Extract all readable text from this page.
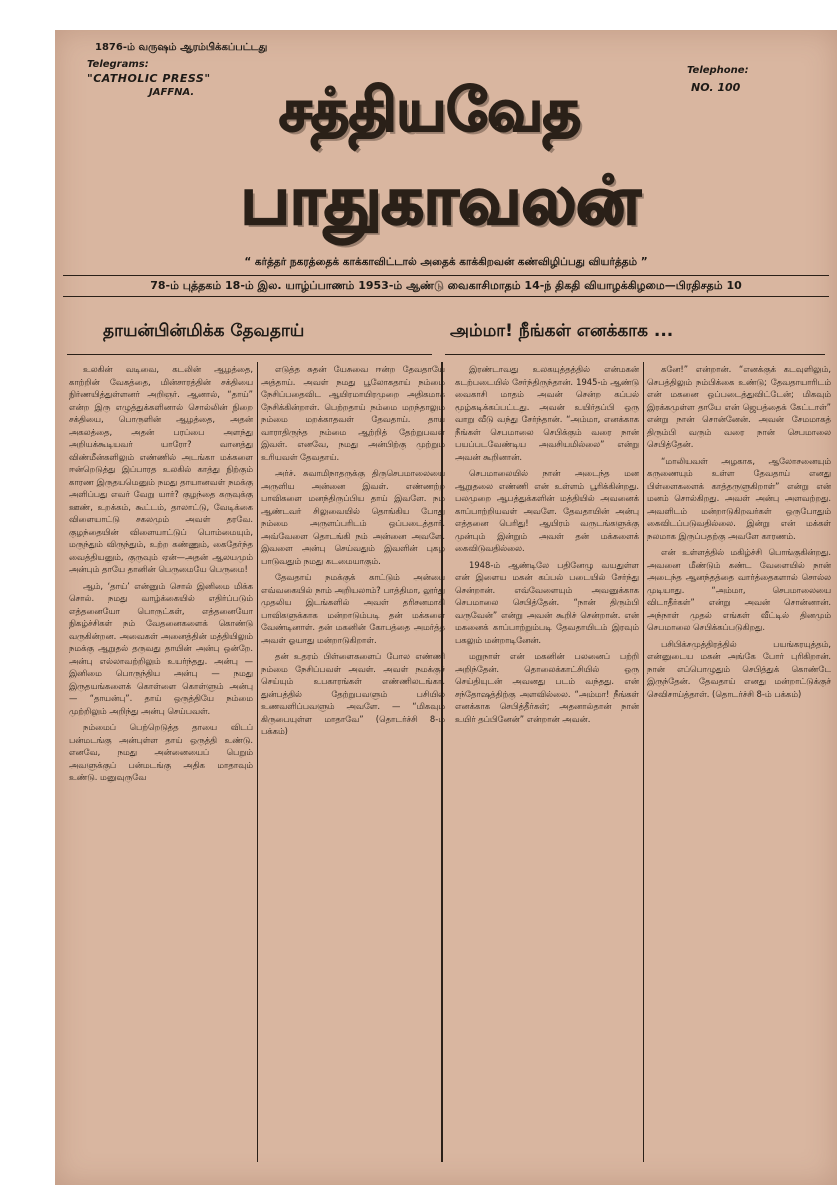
1876-ம் வருஷம் ஆரம்பிக்கப்பட்டது
Telegrams:
"CATHOLIC PRESS"
JAFFNA.
Telephone:
NO. 100
சத்தியவேத
பாதுகாவலன்
“ கர்த்தர் நகரத்தைக் காக்காவிட்டால் அதைக் காக்கிறவன் கண்விழிப்பது வியர்த்தம் ”
78-ம் புத்தகம் 18-ம் இல. யாழ்ப்பாணம் 1953-ம் ஆண்டு வைகாசிமாதம் 14-ந் திகதி வியாழக்கிழமை—பிரதிசதம் 10
தாயன்பின்மிக்க தேவதாய்	அம்மா! நீங்கள் எனக்காக ...

உலகின் வடிவை, கடலின் ஆழத்தை, காற்றின் வேகத்தை, மின்சாரத்தின் சக்தியை நிர்ணயித்துள்ளனர் அறிஞர். ஆனால், “தாய்” என்ற இரு எழுத்துக்களினால் சொல்லின் நிறை சக்தியை, பொருளின் ஆழத்தை, அதன் அகலத்தை, அதன் பரப்பை அளந்து அறியக்கூடியவர் யாரோ? வானத்து விண்மீன்களிலும் எண்ணில் அடங்கா மக்களை ஈன்றெடுத்து இப்பாரத உலகில் காத்து நிற்கும் காரண இருதயமெனும் நமது தாயானவள் நமக்கு அளிப்பது எவர் வேறு யார்? குழந்தை கருவுக்கு ஊண், உறக்கம், கூட்டம், தாலாட்டு, வேடிக்கை விளையாட்டு சகலமும் அவள் தரவே. குழந்தையின் விளையாட்டுப் பொம்மையும், மருந்தும் விருந்தும், உற்ற கண்ணும், கைதேர்ந்த வைத்தியனும், குருவும் ஏன்—அதன் ஆலயமும் அன்பும் தாயே தானின் பெருமையே பெருமை!

ஆம், ‘தாய்’ என்னும் சொல் இனிமை மிக்க சொல். நமது வாழ்க்கையில் எதிர்ப்படும் எத்தனையோ பொருட்கள், எத்தனையோ நிகழ்ச்சிகள் நம் வேதனைகளைக் கொண்டு வருகின்றன. அவைகள் அனைத்தின் மத்தியிலும் நமக்கு ஆறுதல் தருவது தாயின் அன்பு ஒன்றே. அன்பு எல்லாவற்றிலும் உயர்ந்தது. அன்பு — இனிமை பொருந்திய அன்பு — நமது இருதயங்களைக் கொள்ளை கொள்ளும் அன்பு — “தாயன்பு”. தாய் ஒருத்தியே நம்மை முற்றிலும் அறிந்து அன்பு செய்பவள்.

நம்மைப் பெற்றெடுத்த தாயை விடப் பன்மடங்கு அன்புள்ள தாய் ஒருத்தி உண்டு. எனவே, நமது அன்னையைப் பெறும் அவளுக்குப் பன்மடங்கு அதிக மாதாவும் உண்டு. மனுவுருவே

எடுத்த சுதன் யேசுவை ஈன்ற தேவதாயே அத்தாய். அவள் நமது பூலோகதாய் நம்மை நேசிப்பதைவிட ஆயிரமாயிரமுறை அதிகமாக நேசிக்கின்றாள். பெற்றதாய் நம்மை மறந்தாலும் நம்மை மறக்காதவள் தேவதாய். தாய் வாராதிருந்த நம்மை ஆற்றித் தேற்றுபவள் இவள். எனவே, நமது அன்பிற்கு முற்றும் உரியவள் தேவதாய்.

அர்ச். சுவாமிநாதருக்கு திருசெபமாலையை அருளிய அன்னை இவள். எண்ணற்ற பாவிகளை மனந்திருப்பிய தாய் இவளே. நம் ஆண்டவர் சிலுவையில் தொங்கிய போது நம்மை அருளப்பரிடம் ஒப்படைத்தார். அவ்வேளை தொடங்கி நம் அன்னை அவளே. இவளை அன்பு செய்வதும் இவளின் புகழ் பாடுவதும் நமது கடமையாகும்.

தேவதாய் நமக்குக் காட்டும் அன்பை எவ்வகையில் நாம் அறியலாம்? பாத்திமா, லூர்து முதலிய இடங்களில் அவள் தரிசனமாகி பாவிகளுக்காக மன்றாடும்படி தன் மக்களை வேண்டினாள். தன் மகனின் கோபத்தை அமர்த்த அவள் ஓயாது மன்றாடுகிறாள்.

தன் உதரம் பிள்ளைகளைப் போல எண்ணி நம்மை நேசிப்பவள் அவள். அவள் நமக்குச் செய்யும் உபகாரங்கள் எண்ணிலடங்கா. துன்பத்தில் தேற்றுபவளும் பசியில் உணவளிப்பவளும் அவளே. — “மிகவும் கிருபையுள்ள மாதாவே” (தொடர்ச்சி 8-ம் பக்கம்)

இரண்டாவது உலகயுத்தத்தில் என்மகன் கடற்படையில் சேர்ந்திருந்தான். 1945-ம் ஆண்டு வைகாசி மாதம் அவன் சென்ற கப்பல் மூழ்கடிக்கப்பட்டது. அவன் உயிர்தப்பி ஒரு வாறு வீடு வந்து சேர்ந்தான். “அம்மா, எனக்காக நீங்கள் செபமாலை செபிக்கும் வரை நான் பயப்படவேண்டிய அவசியமில்லை” என்று அவன் கூறினான்.

செபமாலையில் நான் அடைந்த மன ஆறுதலை எண்ணி என் உள்ளம் பூரிக்கின்றது. பலமுறை ஆபத்துக்களின் மத்தியில் அவனைக் காப்பாற்றியவள் அவளே. தேவதாயின் அன்பு எத்தனை பெரிது! ஆயிரம் வருடங்களுக்கு முன்பும் இன்றும் அவள் தன் மக்களைக் கைவிடுவதில்லை.

1948-ம் ஆண்டிலே பதினேழு வயதுள்ள என் இளைய மகன் கப்பல் படையில் சேர்ந்து சென்றான். எவ்வேளையும் அவனுக்காக செபமாலை செபித்தேன். “நான் திரும்பி வருவேன்” என்று அவன் கூறிச் சென்றான். என் மகனைக் காப்பாற்றும்படி தேவதாயிடம் இரவும் பகலும் மன்றாடினேன்.

மறுநாள் என் மகனின் பலனைப் பற்றி அறிந்தேன். தொலைக்காட்சியில் ஒரு செய்தியுடன் அவனது படம் வந்தது. என் சந்தோஷத்திற்கு அளவில்லை. “அம்மா! நீங்கள் எனக்காக செபித்தீர்கள்; அதனால்தான் நான் உயிர் தப்பினேன்” என்றான் அவன்.

கனே!” என்றான். “எனக்குக் கடவுளிலும், செபத்திலும் நம்பிக்கை உண்டு; தேவதாயாரிடம் என் மகனை ஒப்படைத்துவிட்டேன்; மிகவும் இரக்கமுள்ள தாயே என் ஜெபத்தைக் கேட்டாள்” என்று நான் சொன்னேன். அவன் சேமமாகத் திரும்பி வரும் வரை நான் செபமாலை செபித்தேன்.

“மாலியவள் அழகாக, ஆலோசனையும் கருணையும் உள்ள தேவதாய் எனது பிள்ளைகளைக் காத்தருளுகிறாள்” என்று என் மனம் சொல்கிறது. அவள் அன்பு அளவற்றது. அவளிடம் மன்றாடுகிறவர்கள் ஒருபோதும் கைவிடப்படுவதில்லை. இன்று என் மக்கள் நலமாக இருப்பதற்கு அவளே காரணம்.

என் உள்ளத்தில் மகிழ்ச்சி பொங்குகின்றது. அவனை மீண்டும் கண்ட வேளையில் நான் அடைந்த ஆனந்தத்தை வார்த்தைகளால் சொல்ல முடியாது. “அம்மா, செபமாலையை விடாதீர்கள்” என்று அவன் சொன்னான். அந்நாள் முதல் எங்கள் வீட்டில் தினமும் செபமாலை செபிக்கப்படுகிறது.

பசிபிக்சமுத்திரத்தில் பயங்கரயுத்தம், என்னுடைய மகன் அங்கே போர் புரிகிறான். நான் எப்பொழுதும் செபித்துக் கொண்டே இருந்தேன். தேவதாய் எனது மன்றாட்டுக்குச் செவிசாய்த்தாள். (தொடர்ச்சி 8-ம் பக்கம்)
